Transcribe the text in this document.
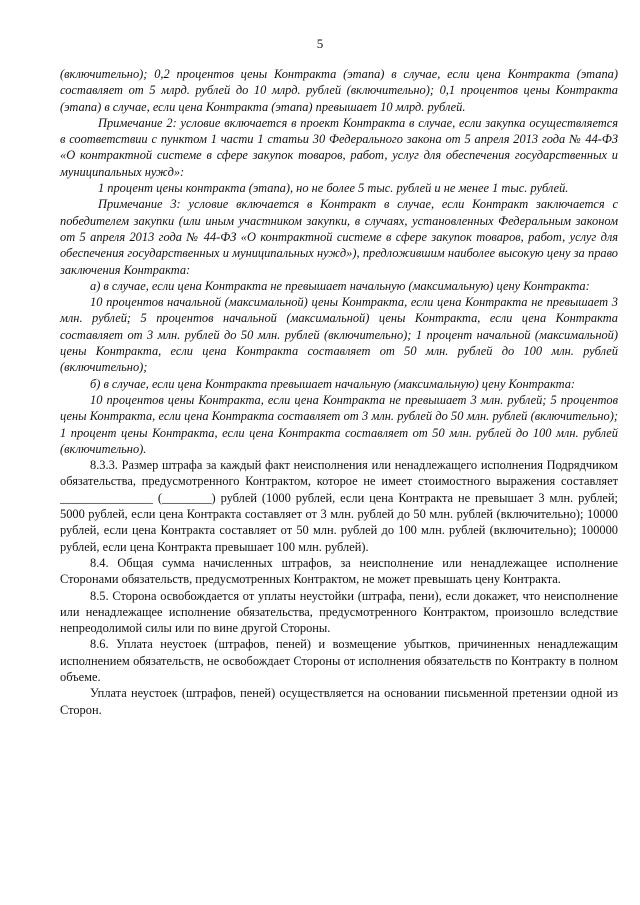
5

(включительно); 0,2 процентов цены Контракта (этапа) в случае, если цена Контракта (этапа) составляет от 5 млрд. рублей до 10 млрд. рублей (включительно); 0,1 процентов цены Контракта (этапа) в случае, если цена Контракта (этапа) превышает 10 млрд. рублей.

Примечание 2: условие включается в проект Контракта в случае, если закупка осуществляется в соответствии с пунктом 1 части 1 статьи 30 Федерального закона от 5 апреля 2013 года № 44-ФЗ «О контрактной системе в сфере закупок товаров, работ, услуг для обеспечения государственных и муниципальных нужд»:

1 процент цены контракта (этапа), но не более 5 тыс. рублей и не менее 1 тыс. рублей.

Примечание 3: условие включается в Контракт в случае, если Контракт заключается с победителем закупки (или иным участником закупки, в случаях, установленных Федеральным законом от 5 апреля 2013 года № 44-ФЗ «О контрактной системе в сфере закупок товаров, работ, услуг для обеспечения государственных и муниципальных нужд»), предложившим наиболее высокую цену за право заключения Контракта:

а) в случае, если цена Контракта не превышает начальную (максимальную) цену Контракта:

10 процентов начальной (максимальной) цены Контракта, если цена Контракта не превышает 3 млн. рублей; 5 процентов начальной (максимальной) цены Контракта, если цена Контракта составляет от 3 млн. рублей до 50 млн. рублей (включительно); 1 процент начальной (максимальной) цены Контракта, если цена Контракта составляет от 50 млн. рублей до 100 млн. рублей (включительно);

б) в случае, если цена Контракта превышает начальную (максимальную) цену Контракта:

10 процентов цены Контракта, если цена Контракта не превышает 3 млн. рублей; 5 процентов цены Контракта, если цена Контракта составляет от 3 млн. рублей до 50 млн. рублей (включительно); 1 процент цены Контракта, если цена Контракта составляет от 50 млн. рублей до 100 млн. рублей (включительно).

8.3.3. Размер штрафа за каждый факт неисполнения или ненадлежащего исполнения Подрядчиком обязательства, предусмотренного Контрактом, которое не имеет стоимостного выражения составляет _______________ (________) рублей (1000 рублей, если цена Контракта не превышает 3 млн. рублей; 5000 рублей, если цена Контракта составляет от 3 млн. рублей до 50 млн. рублей (включительно); 10000 рублей, если цена Контракта составляет от 50 млн. рублей до 100 млн. рублей (включительно); 100000 рублей, если цена Контракта превышает 100 млн. рублей).

8.4. Общая сумма начисленных штрафов, за неисполнение или ненадлежащее исполнение Сторонами обязательств, предусмотренных Контрактом, не может превышать цену Контракта.

8.5. Сторона освобождается от уплаты неустойки (штрафа, пени), если докажет, что неисполнение или ненадлежащее исполнение обязательства, предусмотренного Контрактом, произошло вследствие непреодолимой силы или по вине другой Стороны.

8.6. Уплата неустоек (штрафов, пеней) и возмещение убытков, причиненных ненадлежащим исполнением обязательств, не освобождает Стороны от исполнения обязательств по Контракту в полном объеме.

Уплата неустоек (штрафов, пеней) осуществляется на основании письменной претензии одной из Сторон.
